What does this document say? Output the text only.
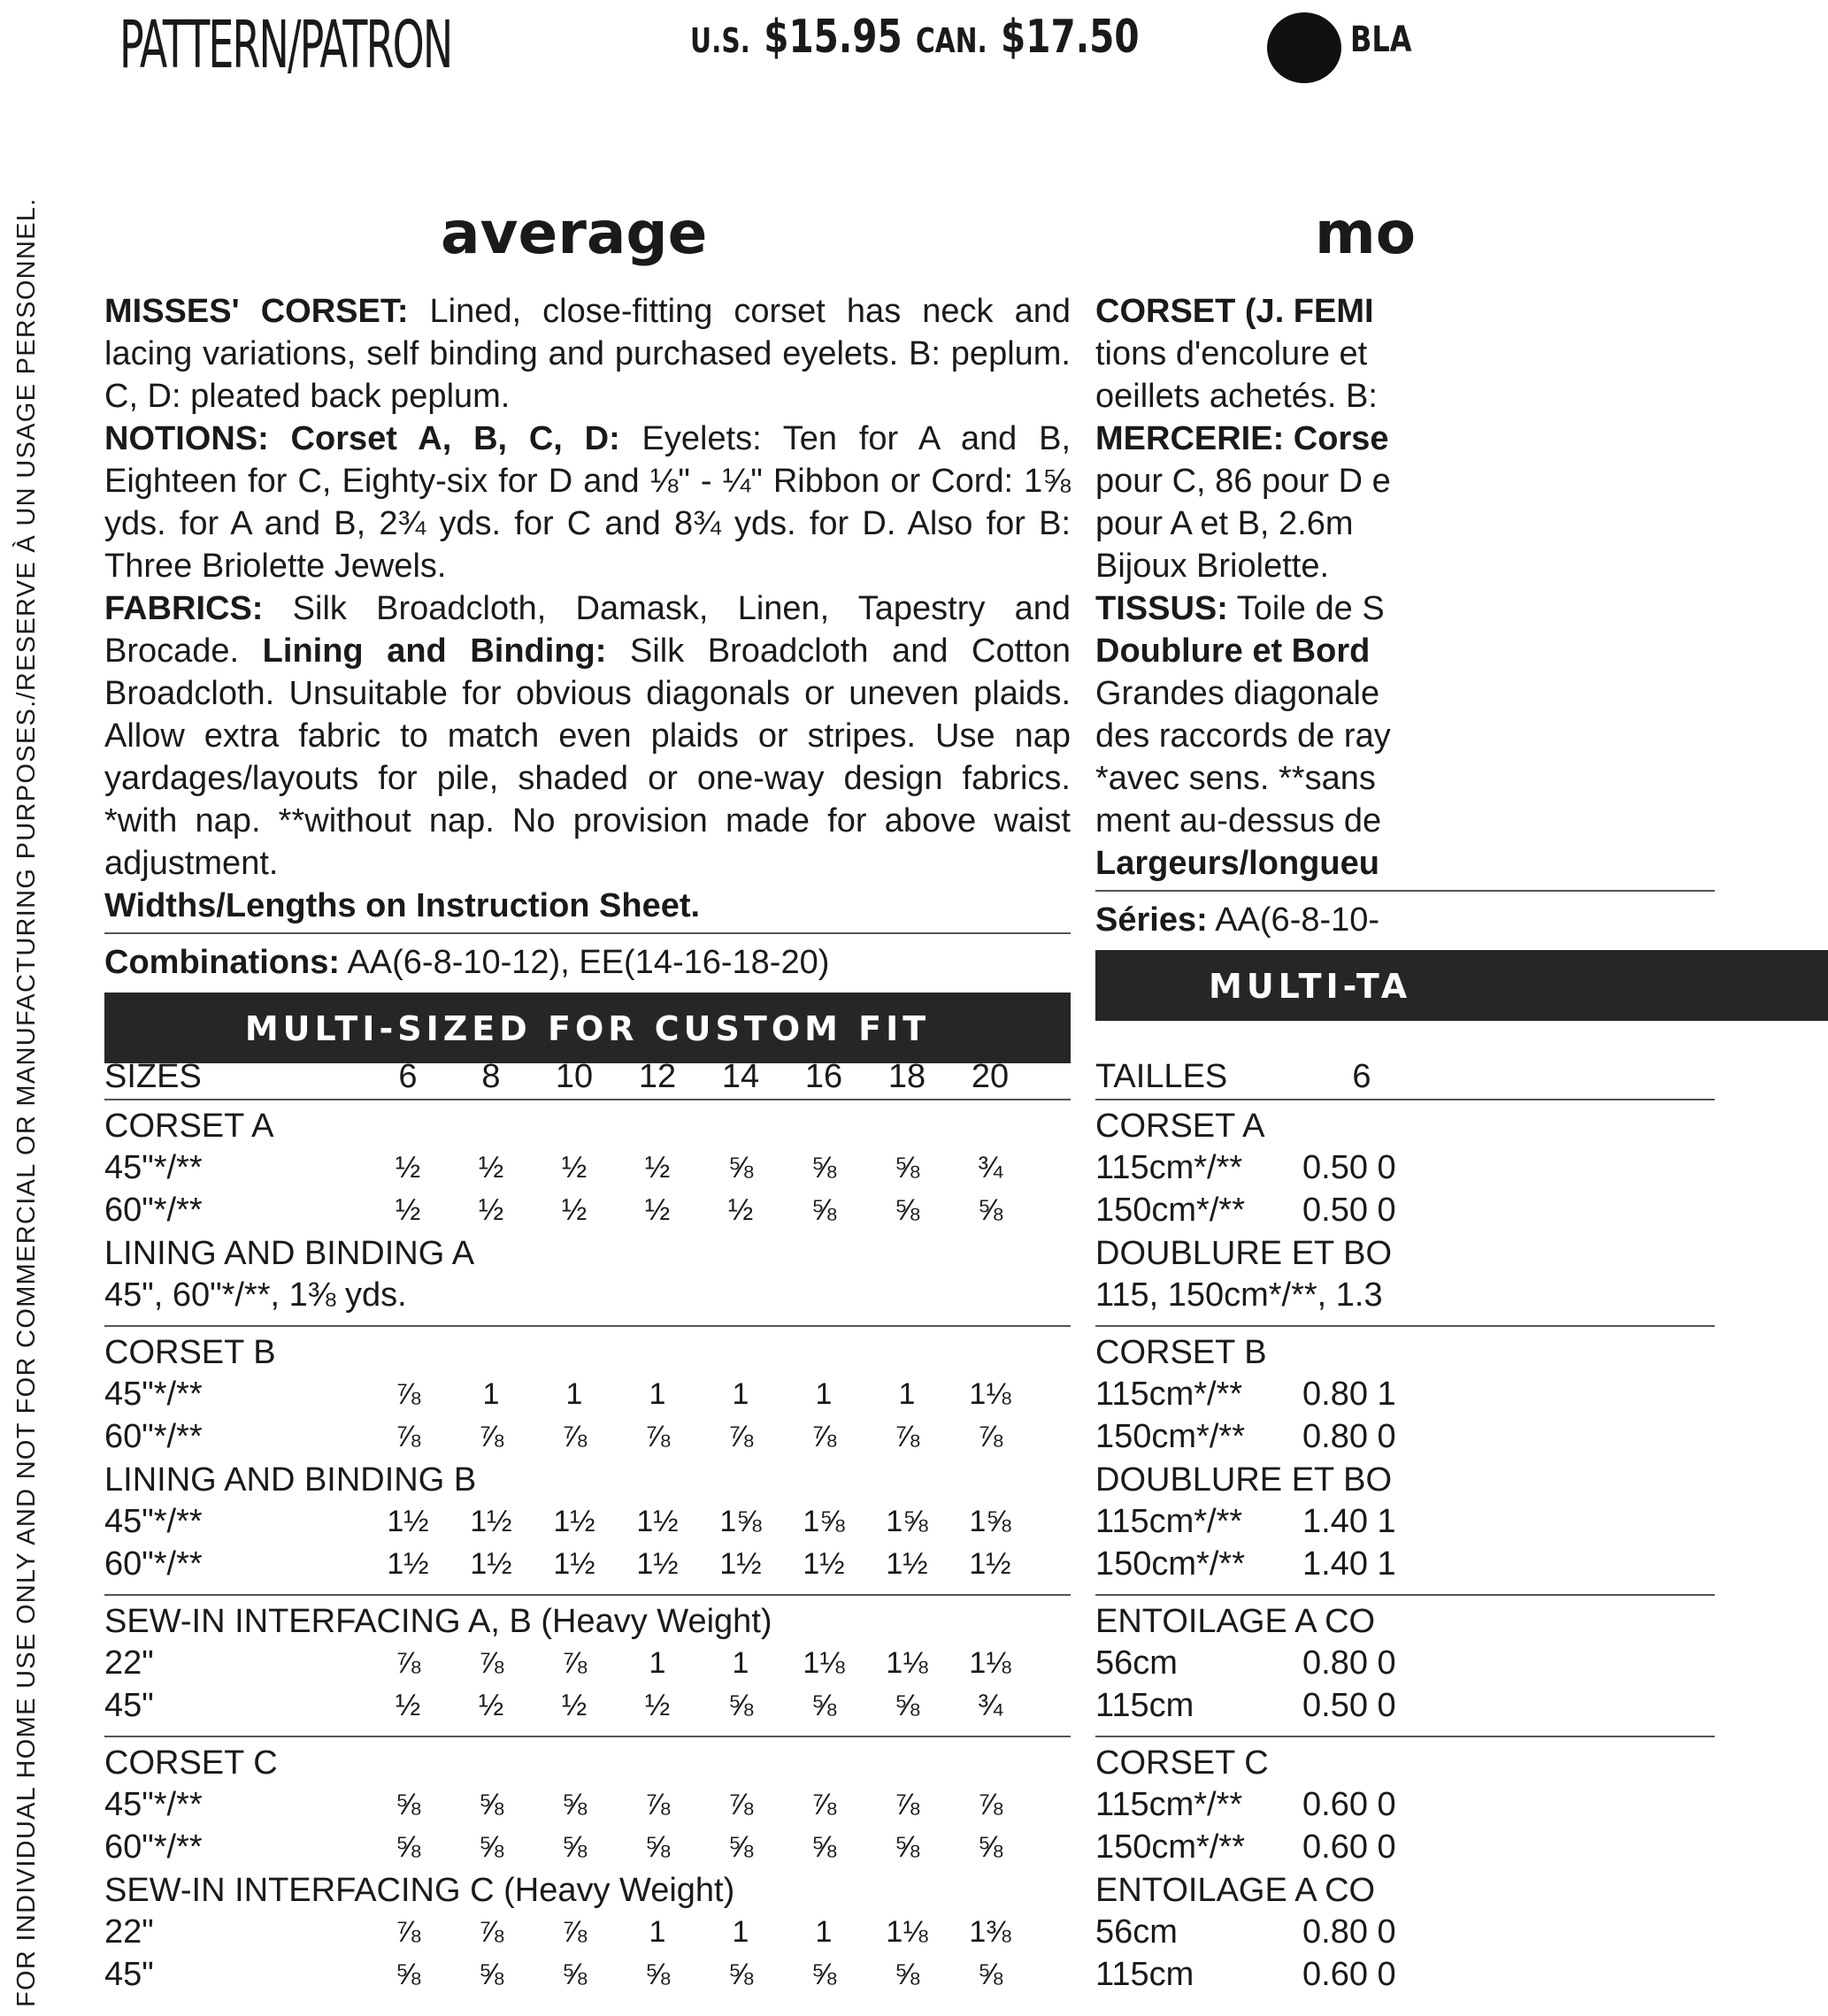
PATTERN/PATRON	U.S. $15.95 CAN. $17.50	BLA
FOR INDIVIDUAL HOME USE ONLY AND NOT FOR COMMERCIAL OR MANUFACTURING PURPOSES./RESERVE À UN USAGE PERSONNEL.	average

MISSES' CORSET: Lined, close-fitting corset has neck and lacing variations, self binding and purchased eyelets. B: peplum. C, D: pleated back peplum.

NOTIONS: Corset A, B, C, D: Eyelets: Ten for A and B, Eighteen for C, Eighty-six for D and ⅛" - ¼" Ribbon or Cord: 1⅝ yds. for A and B, 2¾ yds. for C and 8¾ yds. for D. Also for B: Three Briolette Jewels.

FABRICS: Silk Broadcloth, Damask, Linen, Tapestry and Brocade. Lining and Binding: Silk Broadcloth and Cotton Broadcloth. Unsuitable for obvious diagonals or uneven plaids. Allow extra fabric to match even plaids or stripes. Use nap yardages/layouts for pile, shaded or one-way design fabrics. *with nap. **without nap. No provision made for above waist adjustment.

Widths/Lengths on Instruction Sheet.

Combinations: AA(6-8-10-12), EE(14-16-18-20)

MULTI-SIZED FOR CUSTOM FIT
SIZES	6	8	10	12	14	16	18	20
CORSET A
45"*/**	½	½	½	½	⅝	⅝	⅝	¾
60"*/**	½	½	½	½	½	⅝	⅝	⅝
LINING AND BINDING A
45", 60"*/**, 1⅜ yds.
CORSET B
45"*/**	⅞	1	1	1	1	1	1	1⅛
60"*/**	⅞	⅞	⅞	⅞	⅞	⅞	⅞	⅞
LINING AND BINDING B
45"*/**	1½	1½	1½	1½	1⅝	1⅝	1⅝	1⅝
60"*/**	1½	1½	1½	1½	1½	1½	1½	1½
SEW-IN INTERFACING A, B (Heavy Weight)
22"	⅞	⅞	⅞	1	1	1⅛	1⅛	1⅛
45"	½	½	½	½	⅝	⅝	⅝	¾
CORSET C
45"*/**	⅝	⅝	⅝	⅞	⅞	⅞	⅞	⅞
60"*/**	⅝	⅝	⅝	⅝	⅝	⅝	⅝	⅝
SEW-IN INTERFACING C (Heavy Weight)
22"	⅞	⅞	⅞	1	1	1	1⅛	1⅜
45"	⅝	⅝	⅝	⅝	⅝	⅝	⅝	⅝
mo

CORSET (J. FEMI

tions d'encolure et

oeillets achetés. B:

MERCERIE: Corse

pour C, 86 pour D e

pour A et B, 2.6m

Bijoux Briolette.

TISSUS: Toile de S

Doublure et Bord

Grandes diagonale

des raccords de ray

*avec sens. **sans

ment au-dessus de

Largeurs/longueu

Séries: AA(6-8-10-

MULTI-TA
TAILLES	6
CORSET A
115cm*/**	0.50 0
150cm*/**	0.50 0
DOUBLURE ET BO
115, 150cm*/**, 1.3
CORSET B
115cm*/**	0.80 1
150cm*/**	0.80 0
DOUBLURE ET BO
115cm*/**	1.40 1
150cm*/**	1.40 1
ENTOILAGE A CO
56cm	0.80 0
115cm	0.50 0
CORSET C
115cm*/**	0.60 0
150cm*/**	0.60 0
ENTOILAGE A CO
56cm	0.80 0
115cm	0.60 0
